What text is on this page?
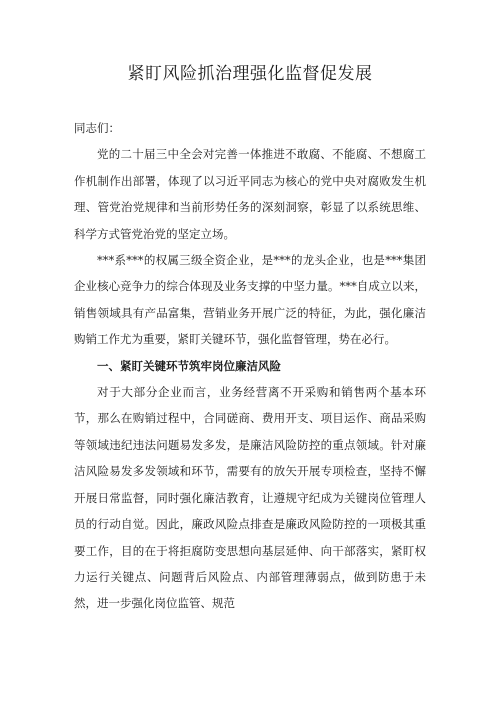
紧盯风险抓治理强化监督促发展

同志们：

党的二十届三中全会对完善一体推进不敢腐、不能腐、不想腐工作机制作出部署，体现了以习近平同志为核心的党中央对腐败发生机理、管党治党规律和当前形势任务的深刻洞察，彰显了以系统思维、科学方式管党治党的坚定立场。

***系***的权属三级全资企业，是***的龙头企业，也是***集团企业核心竞争力的综合体现及业务支撑的中坚力量。***自成立以来，销售领域具有产品富集，营销业务开展广泛的特征，为此，强化廉洁购销工作尤为重要，紧盯关键环节，强化监督管理，势在必行。

一、紧盯关键环节筑牢岗位廉洁风险

对于大部分企业而言，业务经营离不开采购和销售两个基本环节，那么在购销过程中，合同磋商、费用开支、项目运作、商品采购等领域违纪违法问题易发多发，是廉洁风险防控的重点领域。针对廉洁风险易发多发领域和环节，需要有的放矢开展专项检查，坚持不懈开展日常监督，同时强化廉洁教育，让遵规守纪成为关键岗位管理人员的行动自觉。因此，廉政风险点排查是廉政风险防控的一项极其重要工作，目的在于将拒腐防变思想向基层延伸、向干部落实，紧盯权力运行关键点、问题背后风险点、内部管理薄弱点，做到防患于未然，进一步强化岗位监管、规范
